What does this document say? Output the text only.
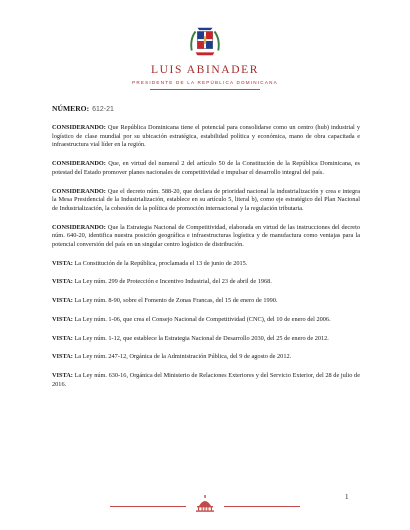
LUIS ABINADER
PRESIDENTE DE LA REPÚBLICA DOMINICANA
NÚMERO: 612-21

CONSIDERANDO: Que República Dominicana tiene el potencial para consolidarse como un centro (hub) industrial y logístico de clase mundial por su ubicación estratégica, estabilidad política y económica, mano de obra capacitada e infraestructura vial líder en la región.

CONSIDERANDO: Que, en virtud del numeral 2 del artículo 50 de la Constitución de la República Dominicana, es potestad del Estado promover planes nacionales de competitividad e impulsar el desarrollo integral del país.

CONSIDERANDO: Que el decreto núm. 588-20, que declara de prioridad nacional la industrialización y crea e integra la Mesa Presidencial de la Industrialización, establece en su artículo 5, literal b), como eje estratégico del Plan Nacional de Industrialización, la cohesión de la política de promoción internacional y la regulación tributaria.

CONSIDERANDO: Que la Estrategia Nacional de Competitividad, elaborada en virtud de las instrucciones del decreto núm. 640-20, identifica nuestra posición geográfica e infraestructuras logística y de manufactura como ventajas para la potencial conversión del país en un singular centro logístico de distribución.

VISTA: La Constitución de la República, proclamada el 13 de junio de 2015.

VISTA: La Ley núm. 299 de Protección e Incentivo Industrial, del 23 de abril de 1968.

VISTA: La Ley núm. 8-90, sobre el Fomento de Zonas Francas, del 15 de enero de 1990.

VISTA: La Ley núm. 1-06, que crea el Consejo Nacional de Competitividad (CNC), del 10 de enero del 2006.

VISTA: La Ley núm. 1-12, que establece la Estrategia Nacional de Desarrollo 2030, del 25 de enero de 2012.

VISTA: La Ley núm. 247-12, Orgánica de la Administración Pública, del 9 de agosto de 2012.

VISTA: La Ley núm. 630-16, Orgánica del Ministerio de Relaciones Exteriores y del Servicio Exterior, del 28 de julio de 2016.

1
